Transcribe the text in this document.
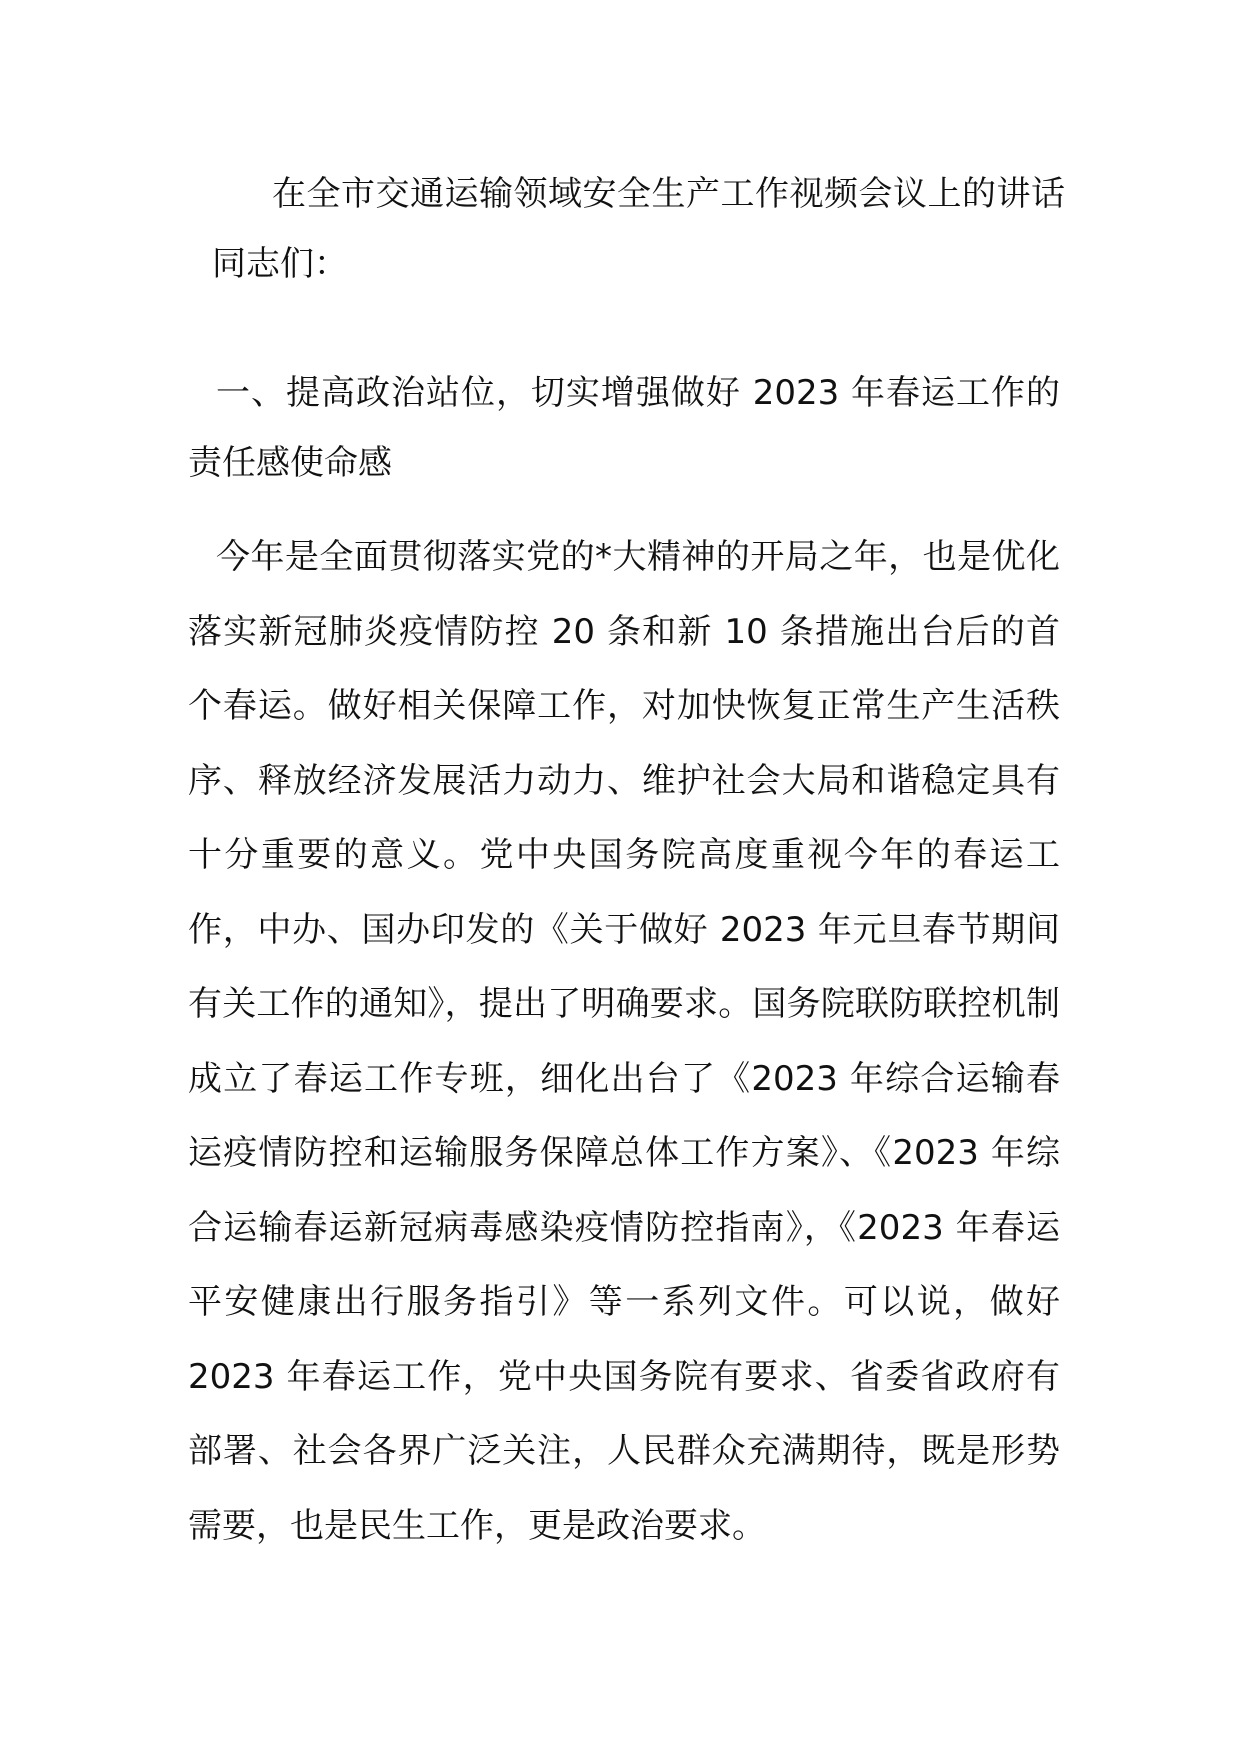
在全市交通运输领域安全生产工作视频会议上的讲话
同志们：

一、提高政治站位，切实增强做好 2023 年春运工作的责任感使命感

今年是全面贯彻落实党的*大精神的开局之年，也是优化落实新冠肺炎疫情防控 20 条和新 10 条措施出台后的首个春运。做好相关保障工作，对加快恢复正常生产生活秩序、释放经济发展活力动力、维护社会大局和谐稳定具有十分重要的意义。党中央国务院高度重视今年的春运工作，中办、国办印发的《关于做好 2023 年元旦春节期间有关工作的通知》，提出了明确要求。国务院联防联控机制成立了春运工作专班，细化出台了《2023 年综合运输春运疫情防控和运输服务保障总体工作方案》、《2023 年综合运输春运新冠病毒感染疫情防控指南》，《2023 年春运平安健康出行服务指引》等一系列文件。可以说，做好 2023 年春运工作，党中央国务院有要求、省委省政府有部署、社会各界广泛关注，人民群众充满期待，既是形势需要，也是民生工作，更是政治要求。
